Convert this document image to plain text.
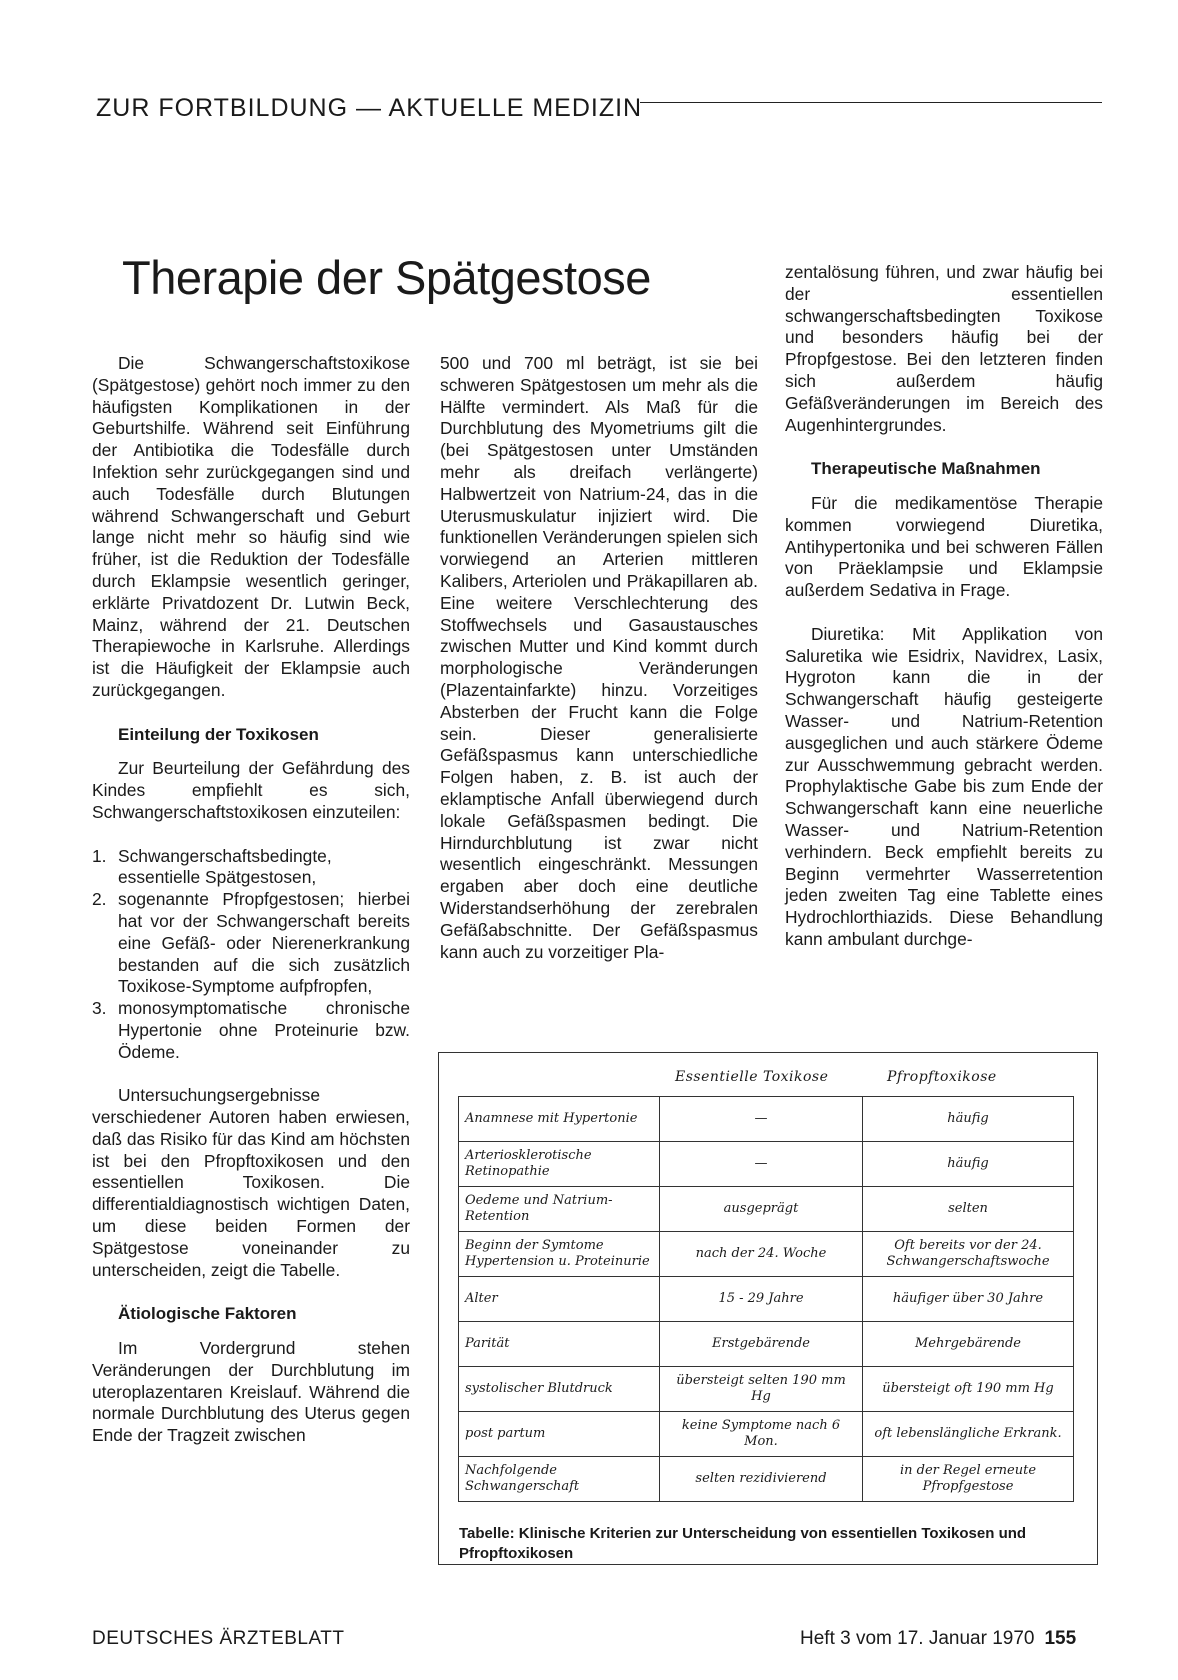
ZUR FORTBILDUNG — AKTUELLE MEDIZIN
Therapie der Spätgestose

Die Schwangerschaftstoxikose (Spätgestose) gehört noch immer zu den häufigsten Komplikationen in der Geburtshilfe. Während seit Einführung der Antibiotika die Todesfälle durch Infektion sehr zurückgegangen sind und auch Todesfälle durch Blutungen während Schwangerschaft und Geburt lange nicht mehr so häufig sind wie früher, ist die Reduktion der Todesfälle durch Eklampsie wesentlich geringer, erklärte Privatdozent Dr. Lutwin Beck, Mainz, während der 21. Deutschen Therapiewoche in Karlsruhe. Allerdings ist die Häufigkeit der Eklampsie auch zurückgegangen.

Einteilung der Toxikosen

Zur Beurteilung der Gefährdung des Kindes empfiehlt es sich, Schwangerschaftstoxikosen einzuteilen:

1. Schwangerschaftsbedingte, essentielle Spätgestosen,
2. sogenannte Pfropfgestosen; hierbei hat vor der Schwangerschaft bereits eine Gefäß- oder Nierenerkrankung bestanden auf die sich zusätzlich Toxikose-Symptome aufpfropfen,
3. monosymptomatische chronische Hypertonie ohne Proteinurie bzw. Ödeme.

Untersuchungsergebnisse verschiedener Autoren haben erwiesen, daß das Risiko für das Kind am höchsten ist bei den Pfropftoxikosen und den essentiellen Toxikosen. Die differentialdiagnostisch wichtigen Daten, um diese beiden Formen der Spätgestose voneinander zu unterscheiden, zeigt die Tabelle.

Ätiologische Faktoren

Im Vordergrund stehen Veränderungen der Durchblutung im uteroplazentaren Kreislauf. Während die normale Durchblutung des Uterus gegen Ende der Tragzeit zwischen

500 und 700 ml beträgt, ist sie bei schweren Spätgestosen um mehr als die Hälfte vermindert. Als Maß für die Durchblutung des Myometriums gilt die (bei Spätgestosen unter Umständen mehr als dreifach verlängerte) Halbwertzeit von Natrium-24, das in die Uterusmuskulatur injiziert wird. Die funktionellen Veränderungen spielen sich vorwiegend an Arterien mittleren Kalibers, Arteriolen und Präkapillaren ab. Eine weitere Verschlechterung des Stoffwechsels und Gasaustausches zwischen Mutter und Kind kommt durch morphologische Veränderungen (Plazentainfarkte) hinzu. Vorzeitiges Absterben der Frucht kann die Folge sein. Dieser generalisierte Gefäßspasmus kann unterschiedliche Folgen haben, z. B. ist auch der eklamptische Anfall überwiegend durch lokale Gefäßspasmen bedingt. Die Hirndurchblutung ist zwar nicht wesentlich eingeschränkt. Messungen ergaben aber doch eine deutliche Widerstandserhöhung der zerebralen Gefäßabschnitte. Der Gefäßspasmus kann auch zu vorzeitiger Pla-

zentalösung führen, und zwar häufig bei der essentiellen schwangerschaftsbedingten Toxikose und besonders häufig bei der Pfropfgestose. Bei den letzteren finden sich außerdem häufig Gefäßveränderungen im Bereich des Augenhintergrundes.

Therapeutische Maßnahmen

Für die medikamentöse Therapie kommen vorwiegend Diuretika, Antihypertonika und bei schweren Fällen von Präeklampsie und Eklampsie außerdem Sedativa in Frage.

Diuretika: Mit Applikation von Saluretika wie Esidrix, Navidrex, Lasix, Hygroton kann die in der Schwangerschaft häufig gesteigerte Wasser- und Natrium-Retention ausgeglichen und auch stärkere Ödeme zur Ausschwemmung gebracht werden. Prophylaktische Gabe bis zum Ende der Schwangerschaft kann eine neuerliche Wasser- und Natrium-Retention verhindern. Beck empfiehlt bereits zu Beginn vermehrter Wasserretention jeden zweiten Tag eine Tablette eines Hydrochlorthiazids. Diese Behandlung kann ambulant durchge-

Essentielle Toxikose	Pfropftoxikose
Anamnese mit Hypertonie	—	häufig
Arteriosklerotische Retinopathie	—	häufig
Oedeme und Natrium-Retention	ausgeprägt	selten
Beginn der Symtome Hypertension u. Proteinurie	nach der 24. Woche	Oft bereits vor der 24. Schwangerschaftswoche
Alter	15 - 29 Jahre	häufiger über 30 Jahre
Parität	Erstgebärende	Mehrgebärende
systolischer Blutdruck	übersteigt selten 190 mm Hg	übersteigt oft 190 mm Hg
post partum	keine Symptome nach 6 Mon.	oft lebenslängliche Erkrank.
Nachfolgende Schwangerschaft	selten rezidivierend	in der Regel erneute Pfropfgestose
Tabelle: Klinische Kriterien zur Unterscheidung von essentiellen Toxikosen und Pfropftoxikosen
DEUTSCHES ÄRZTEBLATT	Heft 3 vom 17. Januar 1970 155
